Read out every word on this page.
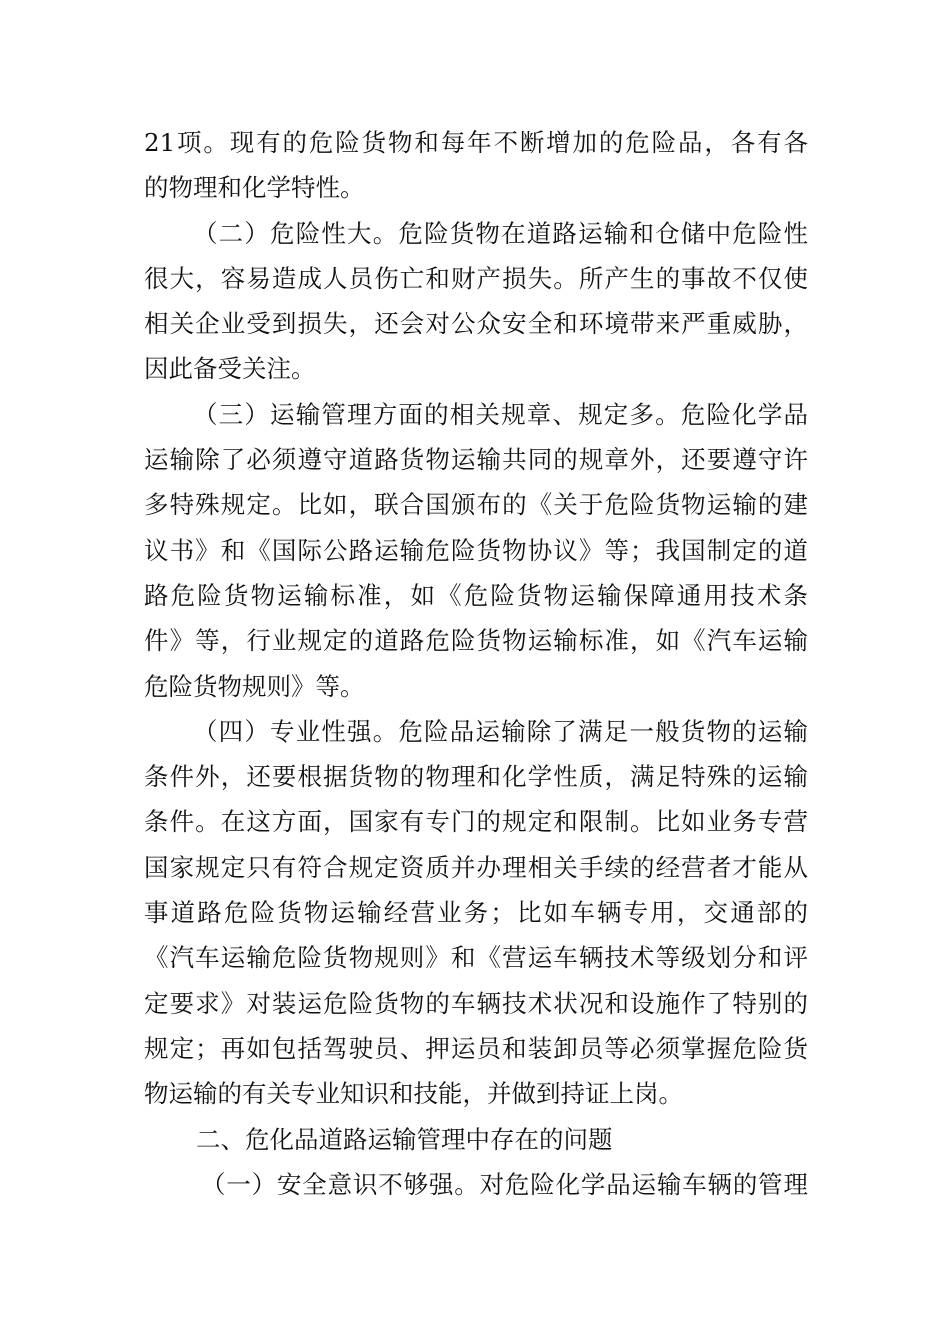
21项。现有的危险货物和每年不断增加的危险品，各有各
的物理和化学特性。
（二）危险性大。危险货物在道路运输和仓储中危险性
很大，容易造成人员伤亡和财产损失。所产生的事故不仅使
相关企业受到损失，还会对公众安全和环境带来严重威胁，
因此备受关注。
（三）运输管理方面的相关规章、规定多。危险化学品
运输除了必须遵守道路货物运输共同的规章外，还要遵守许
多特殊规定。比如，联合国颁布的《关于危险货物运输的建
议书》和《国际公路运输危险货物协议》等；我国制定的道
路危险货物运输标准，如《危险货物运输保障通用技术条
件》等，行业规定的道路危险货物运输标准，如《汽车运输
危险货物规则》等。
（四）专业性强。危险品运输除了满足一般货物的运输
条件外，还要根据货物的物理和化学性质，满足特殊的运输
条件。在这方面，国家有专门的规定和限制。比如业务专营
国家规定只有符合规定资质并办理相关手续的经营者才能从
事道路危险货物运输经营业务；比如车辆专用，交通部的
《汽车运输危险货物规则》和《营运车辆技术等级划分和评
定要求》对装运危险货物的车辆技术状况和设施作了特别的
规定；再如包括驾驶员、押运员和装卸员等必须掌握危险货
物运输的有关专业知识和技能，并做到持证上岗。
二、危化品道路运输管理中存在的问题
（一）安全意识不够强。对危险化学品运输车辆的管理
